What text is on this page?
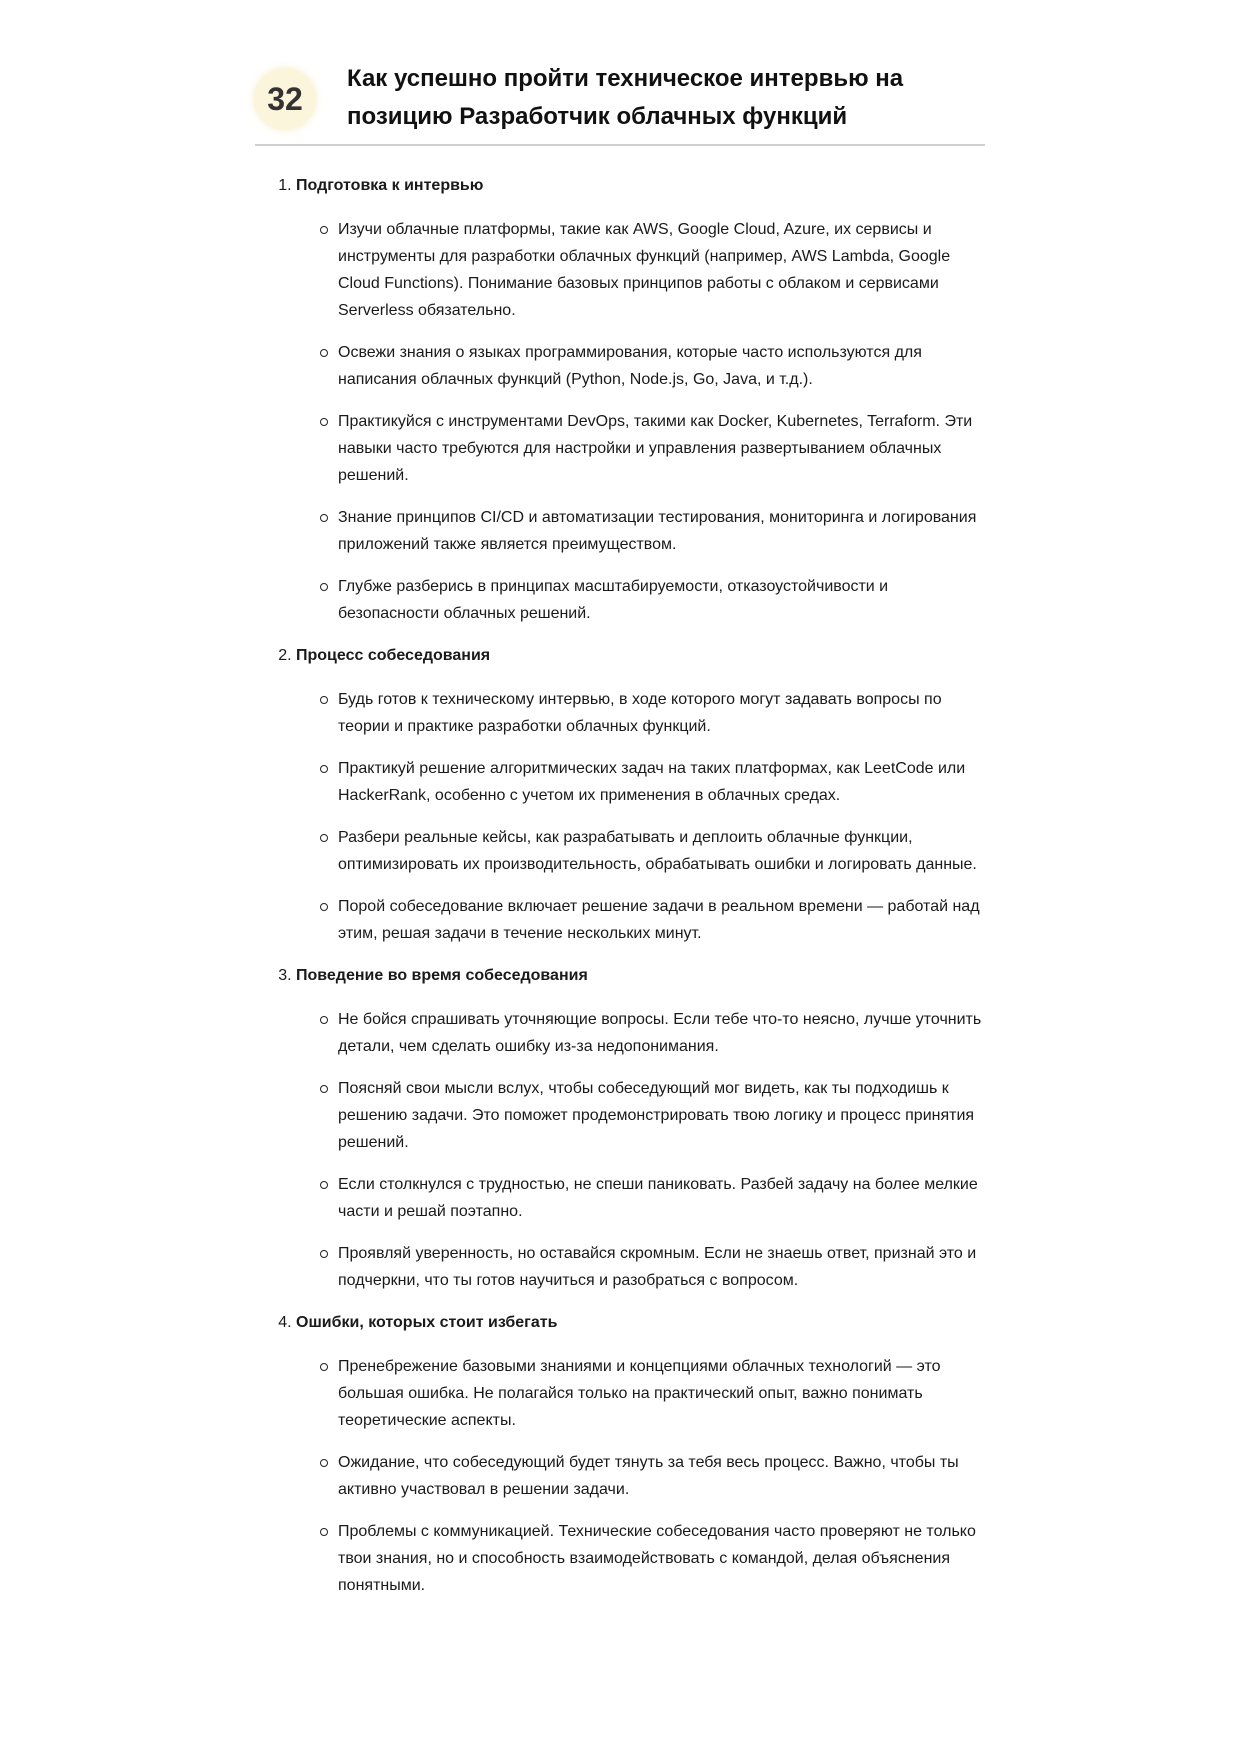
32
Как успешно пройти техническое интервью на позицию Разработчик облачных функций
1. Подготовка к интервью
Изучи облачные платформы, такие как AWS, Google Cloud, Azure, их сервисы и инструменты для разработки облачных функций (например, AWS Lambda, Google Cloud Functions). Понимание базовых принципов работы с облаком и сервисами Serverless обязательно.
Освежи знания о языках программирования, которые часто используются для написания облачных функций (Python, Node.js, Go, Java, и т.д.).
Практикуйся с инструментами DevOps, такими как Docker, Kubernetes, Terraform. Эти навыки часто требуются для настройки и управления развертыванием облачных решений.
Знание принципов CI/CD и автоматизации тестирования, мониторинга и логирования приложений также является преимуществом.
Глубже разберись в принципах масштабируемости, отказоустойчивости и безопасности облачных решений.
2. Процесс собеседования
Будь готов к техническому интервью, в ходе которого могут задавать вопросы по теории и практике разработки облачных функций.
Практикуй решение алгоритмических задач на таких платформах, как LeetCode или HackerRank, особенно с учетом их применения в облачных средах.
Разбери реальные кейсы, как разрабатывать и деплоить облачные функции, оптимизировать их производительность, обрабатывать ошибки и логировать данные.
Порой собеседование включает решение задачи в реальном времени — работай над этим, решая задачи в течение нескольких минут.
3. Поведение во время собеседования
Не бойся спрашивать уточняющие вопросы. Если тебе что-то неясно, лучше уточнить детали, чем сделать ошибку из-за недопонимания.
Поясняй свои мысли вслух, чтобы собеседующий мог видеть, как ты подходишь к решению задачи. Это поможет продемонстрировать твою логику и процесс принятия решений.
Если столкнулся с трудностью, не спеши паниковать. Разбей задачу на более мелкие части и решай поэтапно.
Проявляй уверенность, но оставайся скромным. Если не знаешь ответ, признай это и подчеркни, что ты готов научиться и разобраться с вопросом.
4. Ошибки, которых стоит избегать
Пренебрежение базовыми знаниями и концепциями облачных технологий — это большая ошибка. Не полагайся только на практический опыт, важно понимать теоретические аспекты.
Ожидание, что собеседующий будет тянуть за тебя весь процесс. Важно, чтобы ты активно участвовал в решении задачи.
Проблемы с коммуникацией. Технические собеседования часто проверяют не только твои знания, но и способность взаимодействовать с командой, делая объяснения понятными.
